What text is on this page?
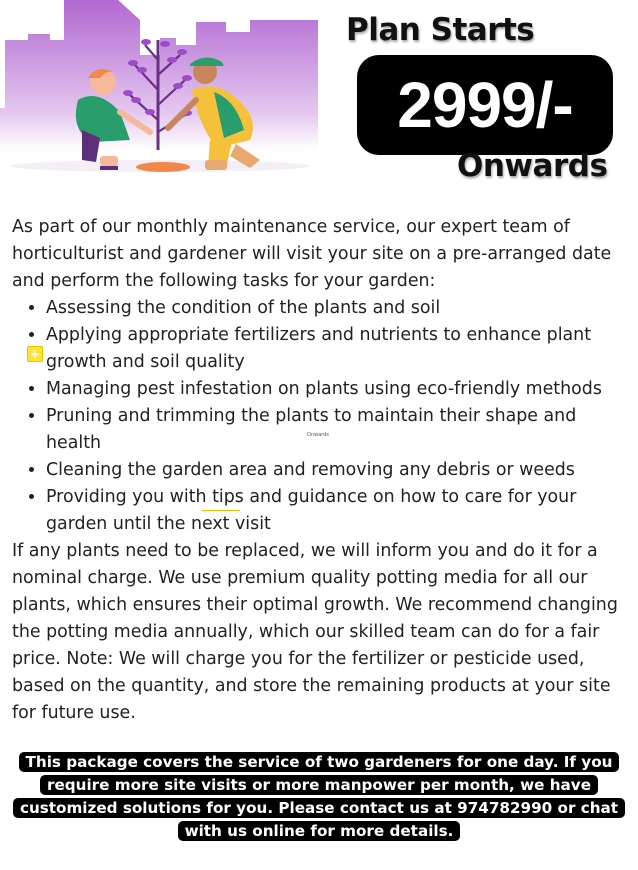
Plan Starts
2999/-
Onwards

As part of our monthly maintenance service, our expert team of horticulturist and gardener will visit your site on a pre-arranged date and perform the following tasks for your garden:

• Assessing the condition of the plants and soil
• Applying appropriate fertilizers and nutrients to enhance plant growth and soil quality
• Managing pest infestation on plants using eco-friendly methods
• Pruning and trimming the plants to maintain their shape and health
• Cleaning the garden area and removing any debris or weeds
• Providing you with tips and guidance on how to care for your garden until the next visit

If any plants need to be replaced, we will inform you and do it for a nominal charge. We use premium quality potting media for all our plants, which ensures their optimal growth. We recommend changing the potting media annually, which our skilled team can do for a fair price. Note: We will charge you for the fertilizer or pesticide used, based on the quantity, and store the remaining products at your site for future use.

+
Onwards
This package covers the service of two gardeners for one day. If you require more site visits or more manpower per month, we have customized solutions for you. Please contact us at 974782990 or chat with us online for more details.
